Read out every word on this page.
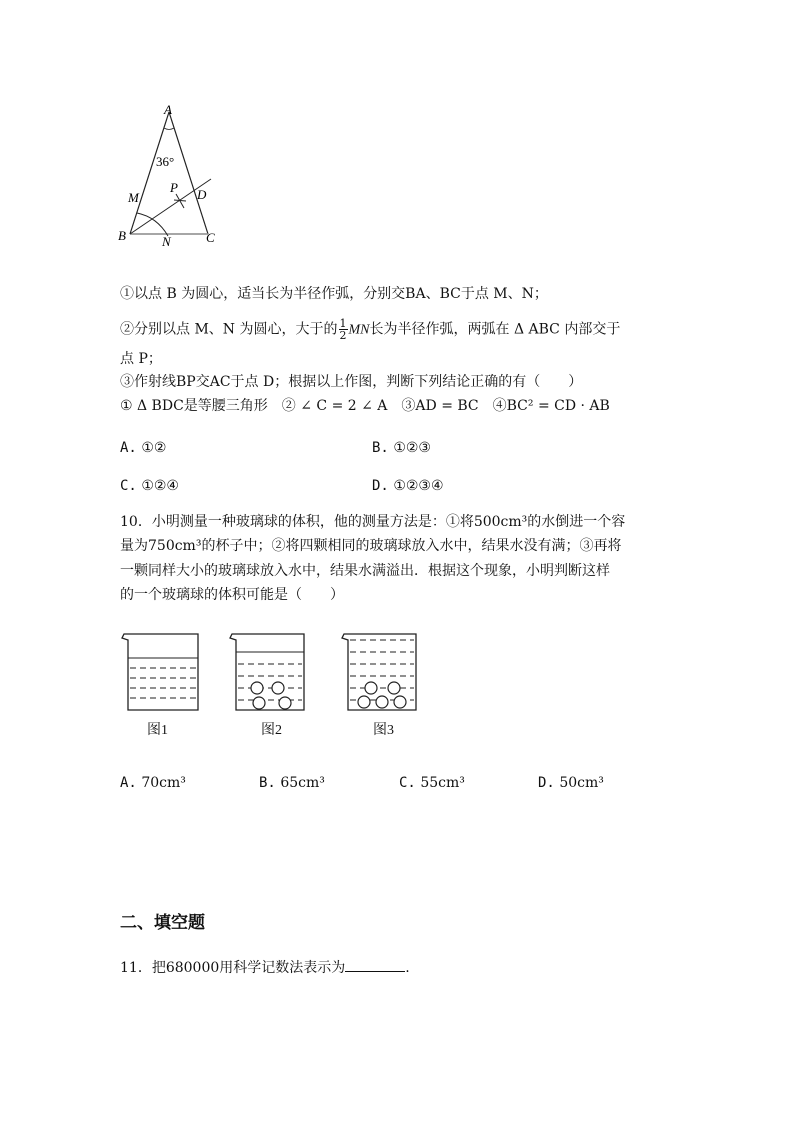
A
36°
M
P D
B	N	C
①以点 B 为圆心，适当长为半径作弧，分别交BA、BC于点 M、N；
②分别以点 M、N 为圆心，大于的 $\frac{1}{2}$ MN长为半径作弧，两弧在 Δ ABC 内部交于
点 P；
③作射线BP交AC于点 D；根据以上作图，判断下列结论正确的有（　　）
① Δ BDC是等腰三角形　② ∠ C = 2 ∠ A　③AD = BC　④BC² = CD · AB
A. ①②	B. ①②③
C. ①②④	D. ①②③④
10．小明测量一种玻璃球的体积，他的测量方法是：①将500cm³的水倒进一个容
量为750cm³的杯子中；②将四颗相同的玻璃球放入水中，结果水没有满；③再将
一颗同样大小的玻璃球放入水中，结果水满溢出．根据这个现象，小明判断这样
的一个玻璃球的体积可能是（　　）
图1	图2	图3
A. 70cm³	B. 65cm³	C. 55cm³	D. 50cm³
二、填空题
11．把680000用科学记数法表示为	.
